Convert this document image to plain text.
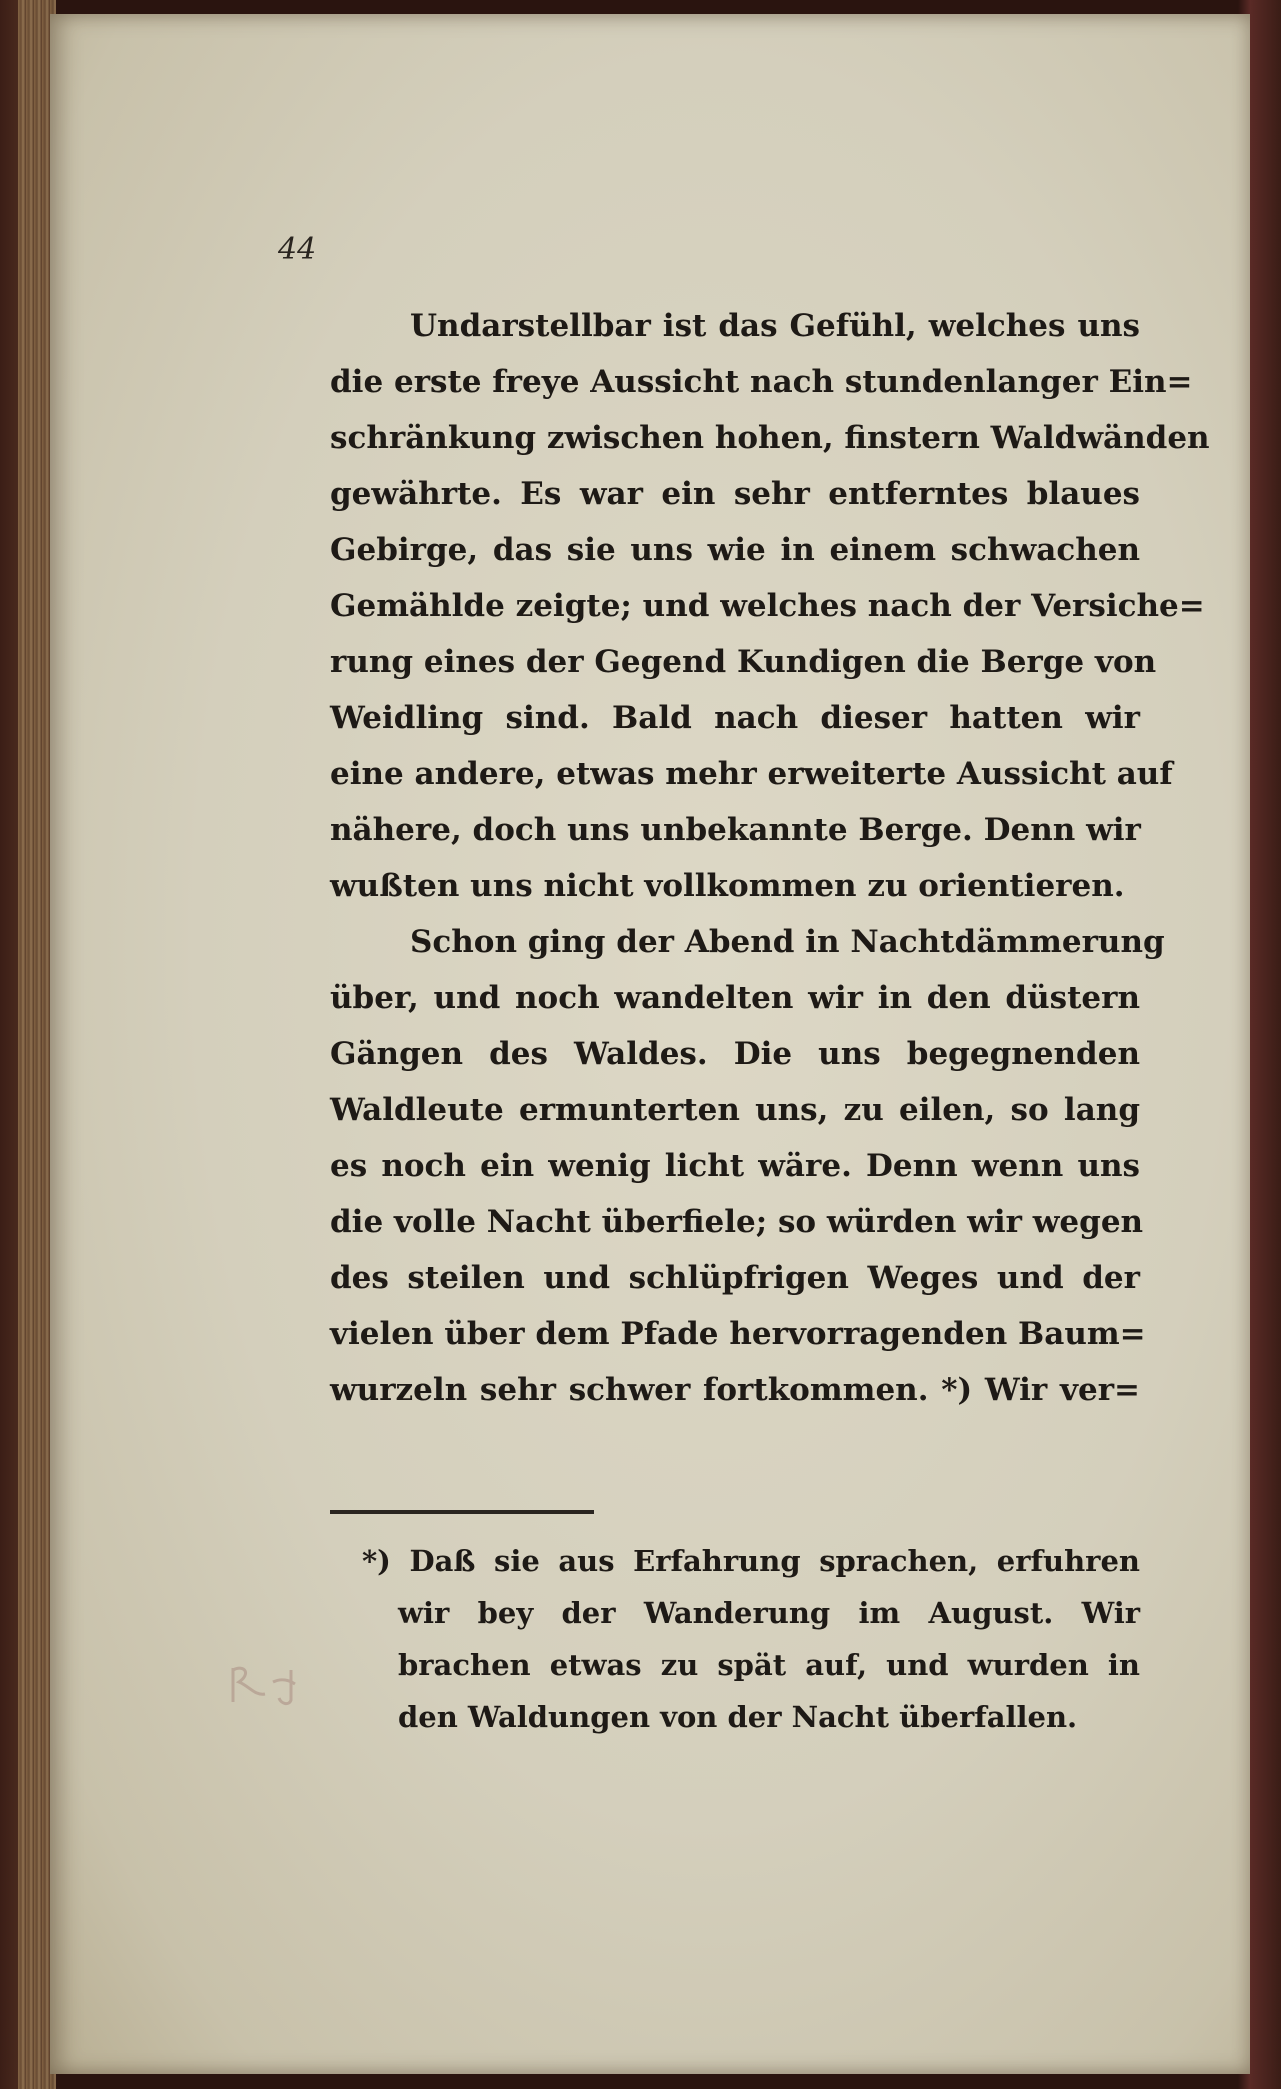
44
Undarstellbar ist das Gefühl, welches uns
die erste freye Aussicht nach stundenlanger Ein=
schränkung zwischen hohen, finstern Waldwänden
gewährte. Es war ein sehr entferntes blaues
Gebirge, das sie uns wie in einem schwachen
Gemählde zeigte; und welches nach der Versiche=
rung eines der Gegend Kundigen die Berge von
Weidling sind. Bald nach dieser hatten wir
eine andere, etwas mehr erweiterte Aussicht auf
nähere, doch uns unbekannte Berge. Denn wir
wußten uns nicht vollkommen zu orientieren.
Schon ging der Abend in Nachtdämmerung
über, und noch wandelten wir in den düstern
Gängen des Waldes. Die uns begegnenden
Waldleute ermunterten uns, zu eilen, so lang
es noch ein wenig licht wäre. Denn wenn uns
die volle Nacht überfiele; so würden wir wegen
des steilen und schlüpfrigen Weges und der
vielen über dem Pfade hervorragenden Baum=
wurzeln sehr schwer fortkommen. *) Wir ver=
*) Daß sie aus Erfahrung sprachen, erfuhren
wir bey der Wanderung im August. Wir
brachen etwas zu spät auf, und wurden in
den Waldungen von der Nacht überfallen.
